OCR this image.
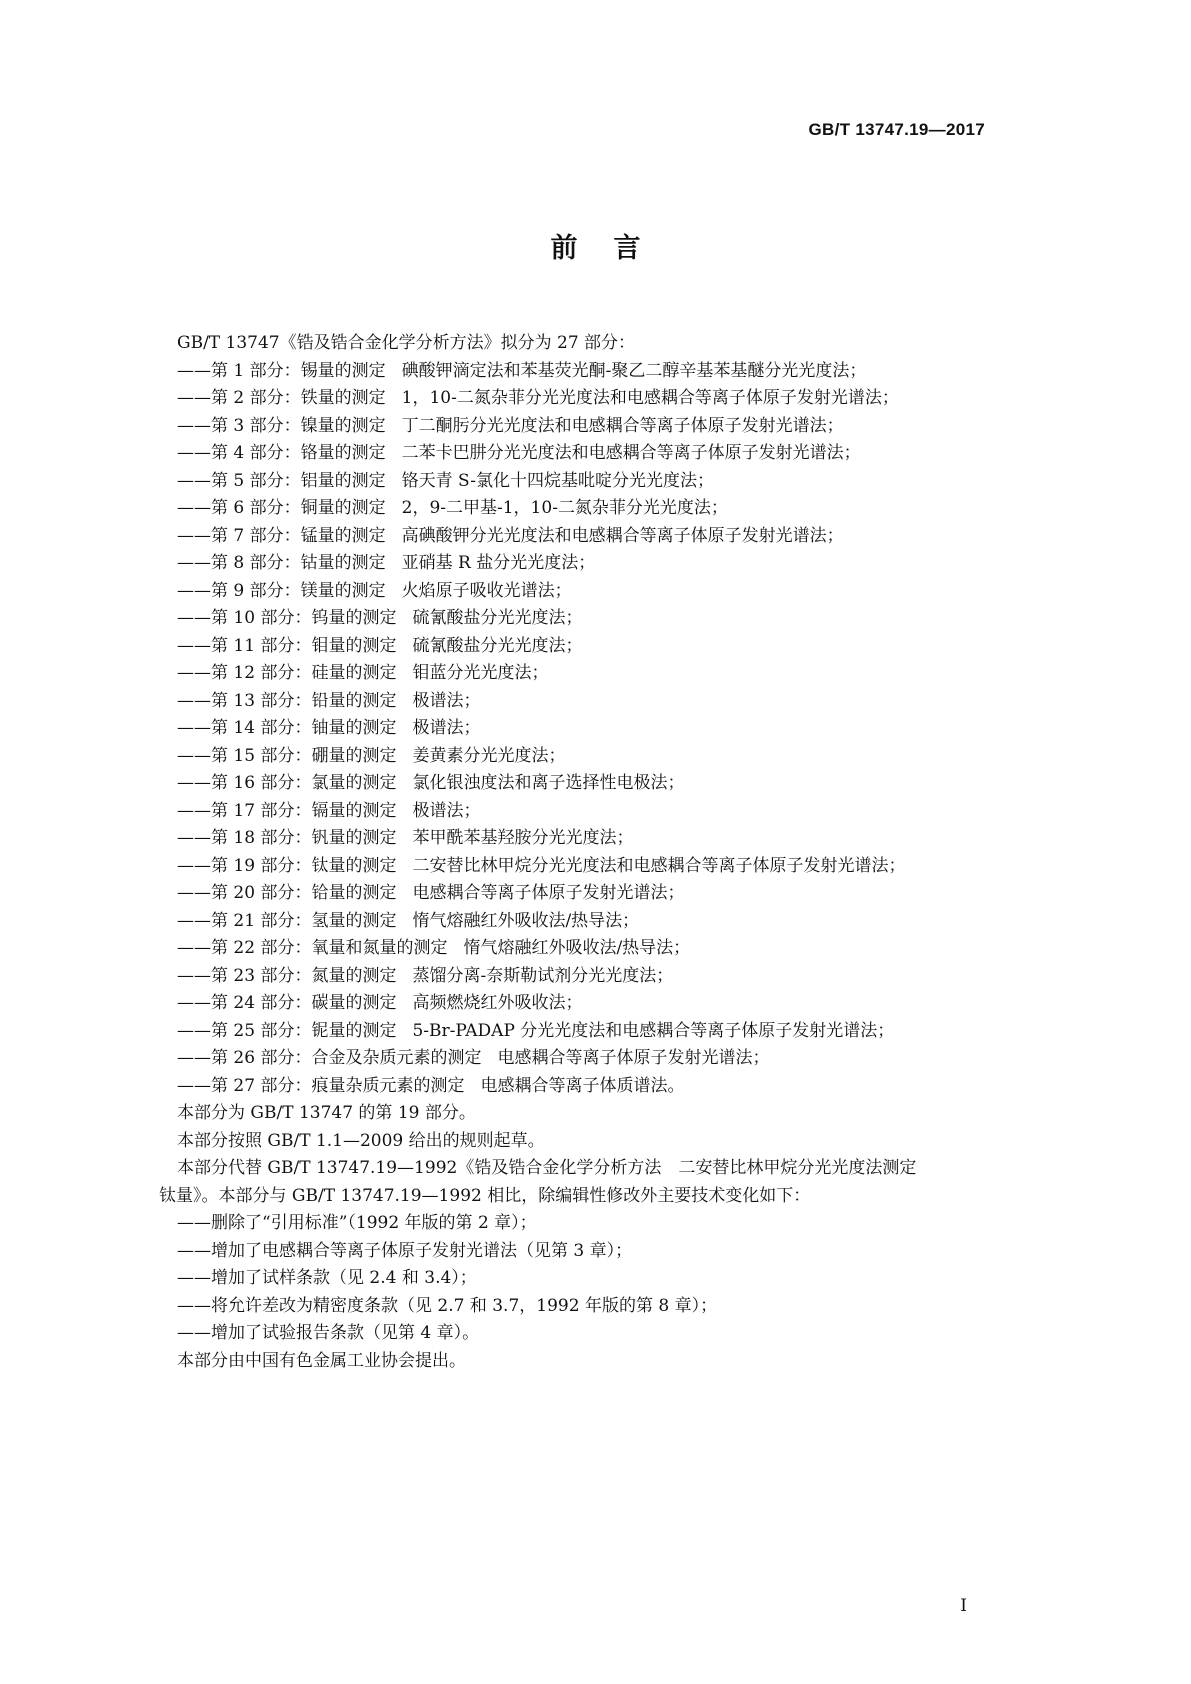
GB/T 13747.19—2017
前言
GB/T 13747《锆及锆合金化学分析方法》拟分为 27 部分：
——第 1 部分：锡量的测定 碘酸钾滴定法和苯基荧光酮-聚乙二醇辛基苯基醚分光光度法；
——第 2 部分：铁量的测定 1，10-二氮杂菲分光光度法和电感耦合等离子体原子发射光谱法；
——第 3 部分：镍量的测定 丁二酮肟分光光度法和电感耦合等离子体原子发射光谱法；
——第 4 部分：铬量的测定 二苯卡巴肼分光光度法和电感耦合等离子体原子发射光谱法；
——第 5 部分：铝量的测定 铬天青 S-氯化十四烷基吡啶分光光度法；
——第 6 部分：铜量的测定 2，9-二甲基-1，10-二氮杂菲分光光度法；
——第 7 部分：锰量的测定 高碘酸钾分光光度法和电感耦合等离子体原子发射光谱法；
——第 8 部分：钴量的测定 亚硝基 R 盐分光光度法；
——第 9 部分：镁量的测定 火焰原子吸收光谱法；
——第 10 部分：钨量的测定 硫氰酸盐分光光度法；
——第 11 部分：钼量的测定 硫氰酸盐分光光度法；
——第 12 部分：硅量的测定 钼蓝分光光度法；
——第 13 部分：铅量的测定 极谱法；
——第 14 部分：铀量的测定 极谱法；
——第 15 部分：硼量的测定 姜黄素分光光度法；
——第 16 部分：氯量的测定 氯化银浊度法和离子选择性电极法；
——第 17 部分：镉量的测定 极谱法；
——第 18 部分：钒量的测定 苯甲酰苯基羟胺分光光度法；
——第 19 部分：钛量的测定 二安替比林甲烷分光光度法和电感耦合等离子体原子发射光谱法；
——第 20 部分：铪量的测定 电感耦合等离子体原子发射光谱法；
——第 21 部分：氢量的测定 惰气熔融红外吸收法/热导法；
——第 22 部分：氧量和氮量的测定 惰气熔融红外吸收法/热导法；
——第 23 部分：氮量的测定 蒸馏分离-奈斯勒试剂分光光度法；
——第 24 部分：碳量的测定 高频燃烧红外吸收法；
——第 25 部分：铌量的测定 5-Br-PADAP 分光光度法和电感耦合等离子体原子发射光谱法；
——第 26 部分：合金及杂质元素的测定 电感耦合等离子体原子发射光谱法；
——第 27 部分：痕量杂质元素的测定 电感耦合等离子体质谱法。
本部分为 GB/T 13747 的第 19 部分。
本部分按照 GB/T 1.1—2009 给出的规则起草。
本部分代替 GB/T 13747.19—1992《锆及锆合金化学分析方法　二安替比林甲烷分光光度法测定
钛量》。本部分与 GB/T 13747.19—1992 相比，除编辑性修改外主要技术变化如下：
——删除了“引用标准”（1992 年版的第 2 章）；
——增加了电感耦合等离子体原子发射光谱法（见第 3 章）；
——增加了试样条款（见 2.4 和 3.4）；
——将允许差改为精密度条款（见 2.7 和 3.7，1992 年版的第 8 章）；
——增加了试验报告条款（见第 4 章）。
本部分由中国有色金属工业协会提出。
I
